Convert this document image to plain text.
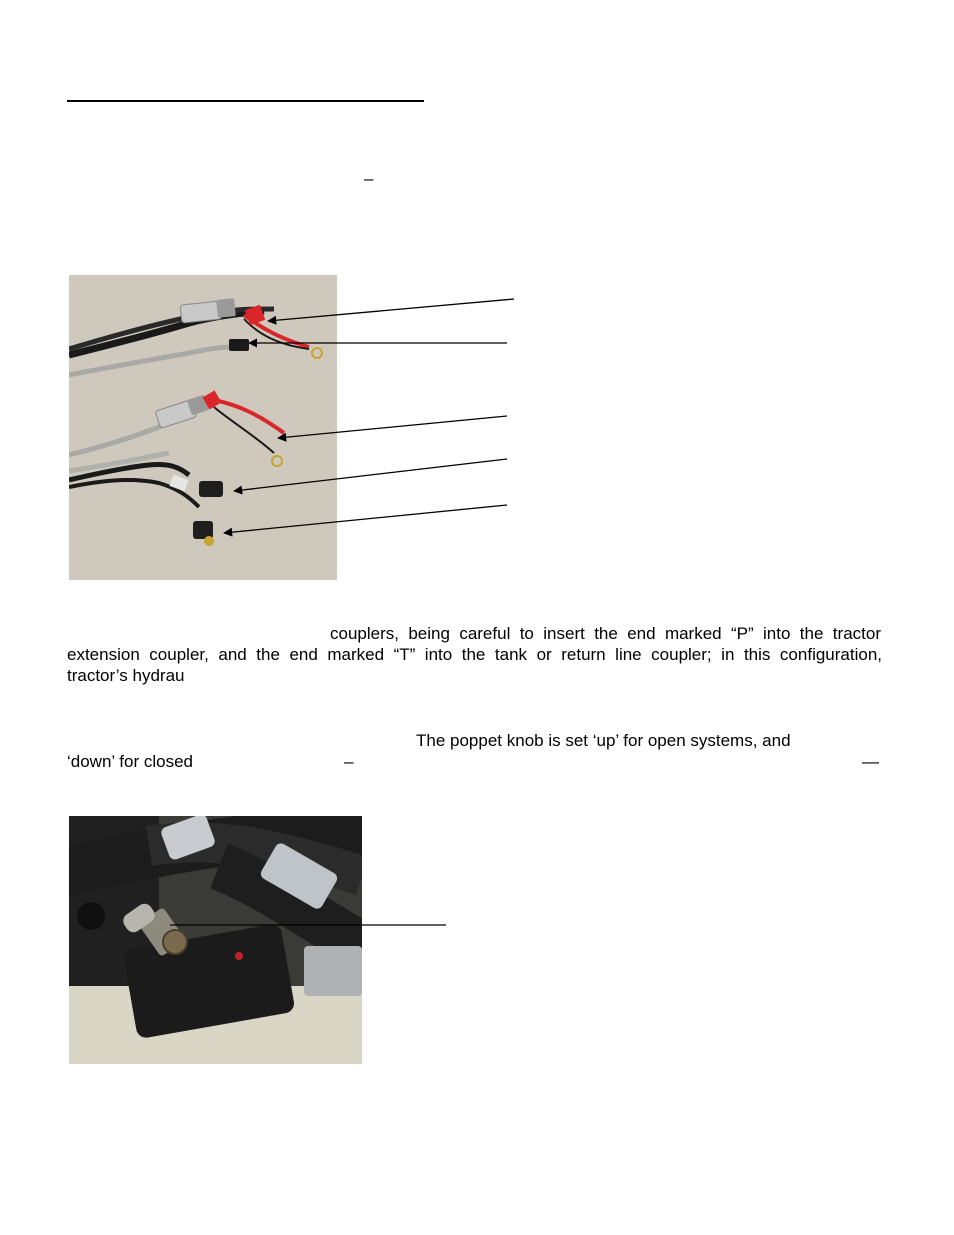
–
couplers, being careful to insert the end marked “P” into the tractor
extension coupler, and the end marked “T” into the tank or return line coupler; in this configuration,
tractor’s hydrau
The poppet knob is set ‘up’ for open systems, and
‘down’ for closed	–	—
